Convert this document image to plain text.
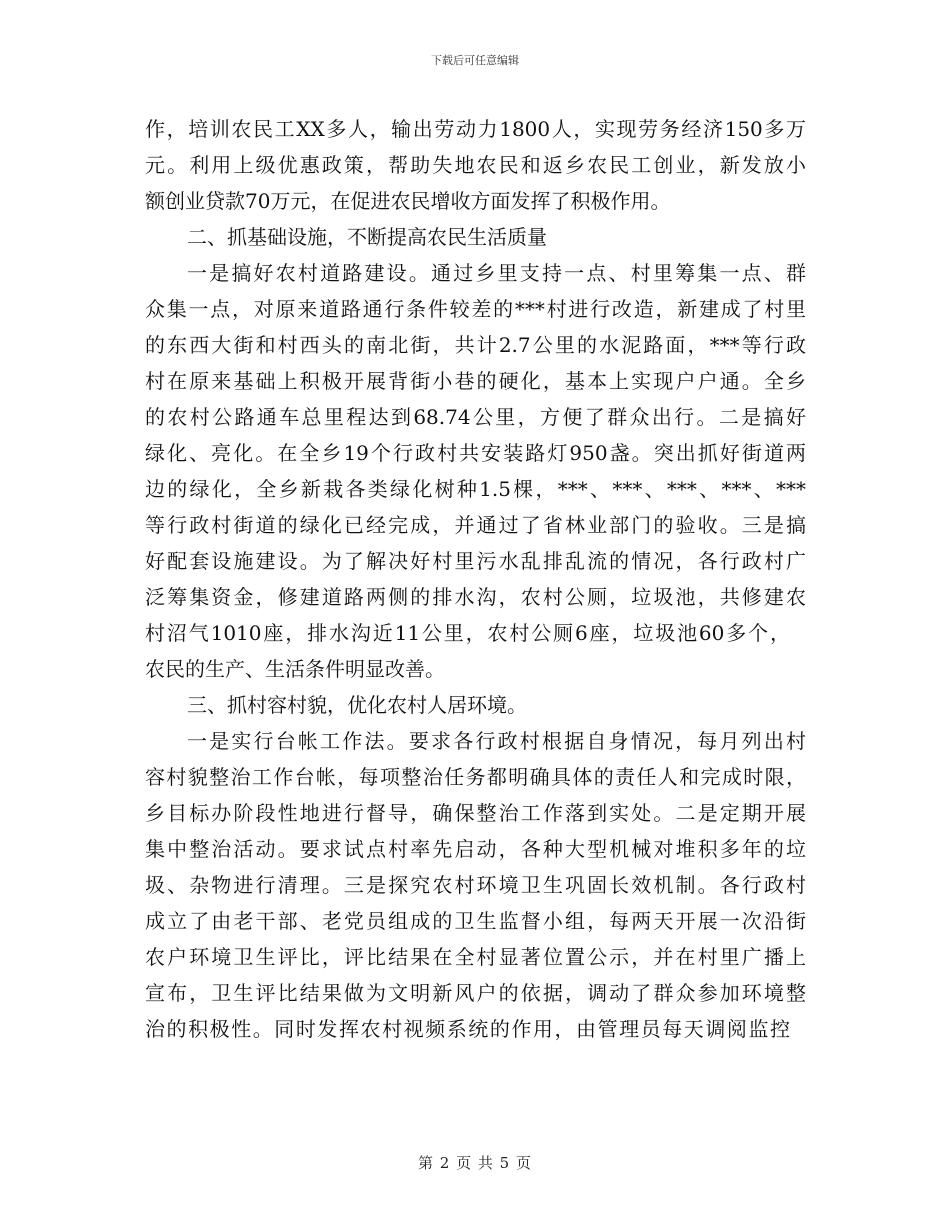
下载后可任意编辑
作，培训农民工XX多人，输出劳动力1800人，实现劳务经济150多万
元。利用上级优惠政策，帮助失地农民和返乡农民工创业，新发放小
额创业贷款70万元，在促进农民增收方面发挥了积极作用。
二、抓基础设施，不断提高农民生活质量
一是搞好农村道路建设。通过乡里支持一点、村里筹集一点、群
众集一点，对原来道路通行条件较差的***村进行改造，新建成了村里
的东西大街和村西头的南北街，共计2.7公里的水泥路面，***等行政
村在原来基础上积极开展背街小巷的硬化，基本上实现户户通。全乡
的农村公路通车总里程达到68.74公里，方便了群众出行。二是搞好
绿化、亮化。在全乡19个行政村共安装路灯950盏。突出抓好街道两
边的绿化，全乡新栽各类绿化树种1.5棵，***、***、***、***、***
等行政村街道的绿化已经完成，并通过了省林业部门的验收。三是搞
好配套设施建设。为了解决好村里污水乱排乱流的情况，各行政村广
泛筹集资金，修建道路两侧的排水沟，农村公厕，垃圾池，共修建农
村沼气1010座，排水沟近11公里，农村公厕6座，垃圾池60多个，
农民的生产、生活条件明显改善。
三、抓村容村貌，优化农村人居环境。
一是实行台帐工作法。要求各行政村根据自身情况，每月列出村
容村貌整治工作台帐，每项整治任务都明确具体的责任人和完成时限，
乡目标办阶段性地进行督导，确保整治工作落到实处。二是定期开展
集中整治活动。要求试点村率先启动，各种大型机械对堆积多年的垃
圾、杂物进行清理。三是探究农村环境卫生巩固长效机制。各行政村
成立了由老干部、老党员组成的卫生监督小组，每两天开展一次沿街
农户环境卫生评比，评比结果在全村显著位置公示，并在村里广播上
宣布，卫生评比结果做为文明新风户的依据，调动了群众参加环境整
治的积极性。同时发挥农村视频系统的作用，由管理员每天调阅监控
第 2 页 共 5 页
